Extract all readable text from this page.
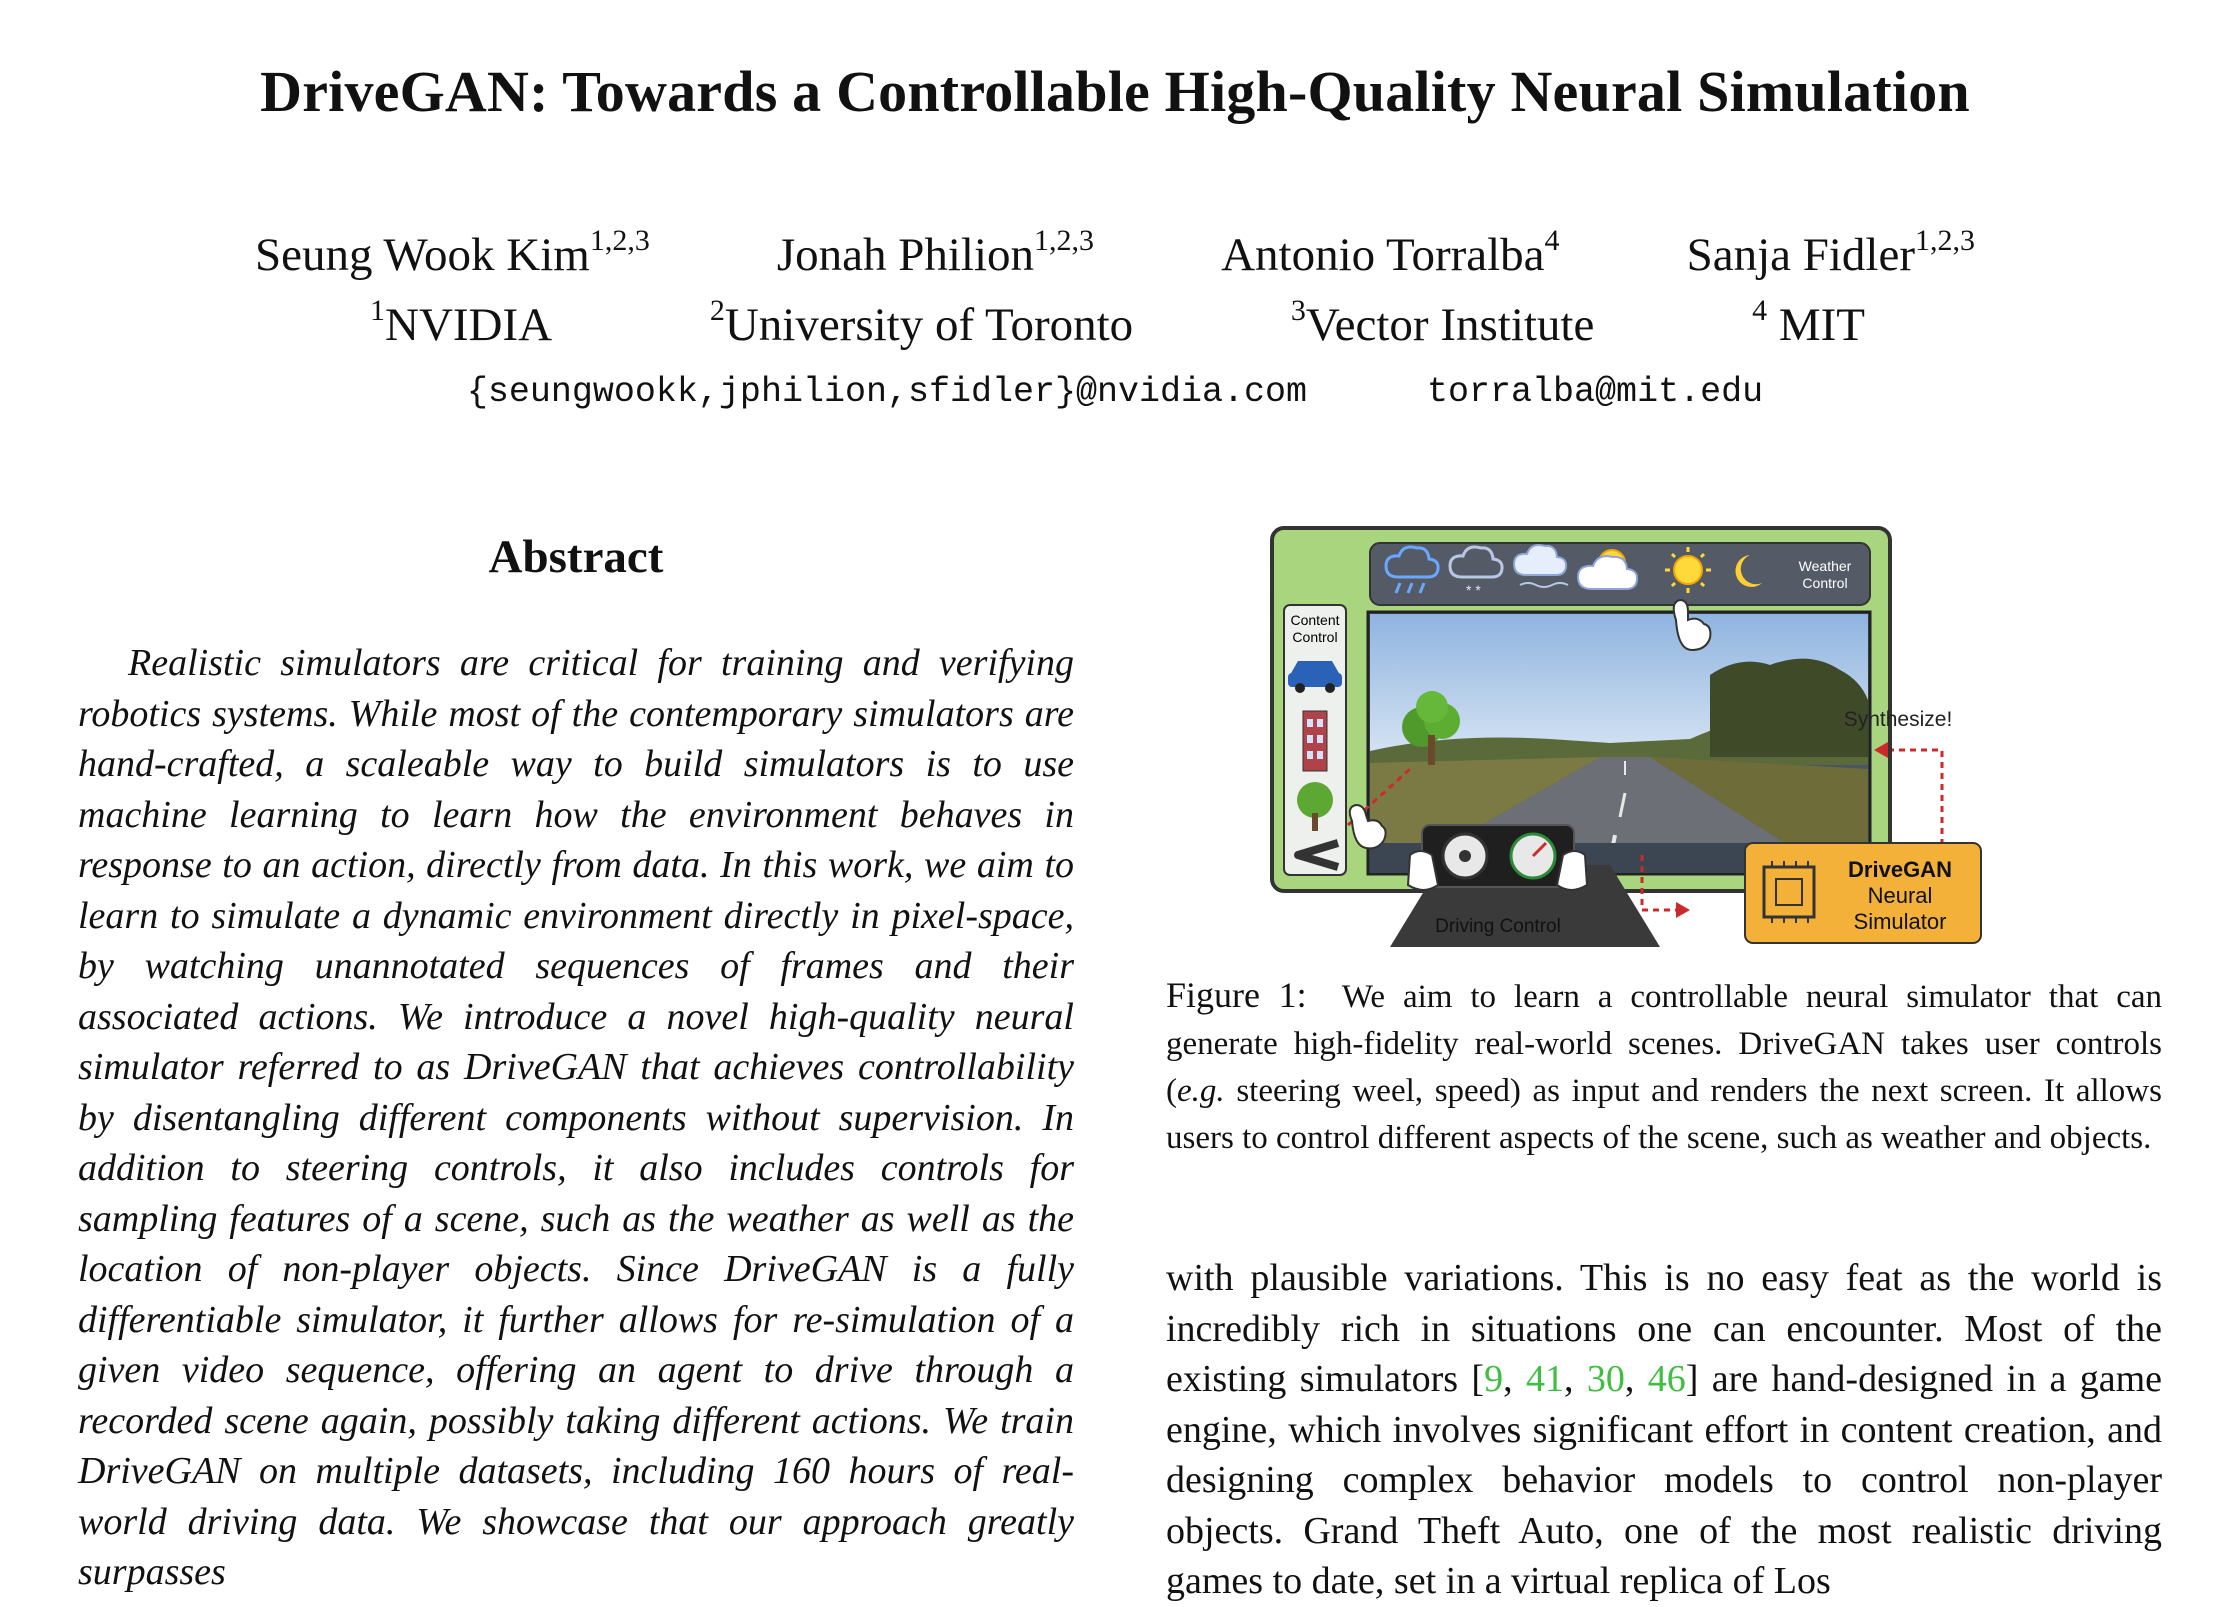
DriveGAN: Towards a Controllable High-Quality Neural Simulation
Seung Wook Kim$^{1,2,3}$	Jonah Philion$^{1,2,3}$	Antonio Torralba$^4$	Sanja Fidler$^{1,2,3}$
$^1$NVIDIA	$^2$University of Toronto	$^3$Vector Institute	$^4$ MIT
{seungwookk,jphilion,sfidler}@nvidia.com	torralba@mit.edu
Abstract

Realistic simulators are critical for training and verifying robotics systems. While most of the contemporary simulators are hand-crafted, a scaleable way to build simulators is to use machine learning to learn how the environment behaves in response to an action, directly from data. In this work, we aim to learn to simulate a dynamic environment directly in pixel-space, by watching unannotated sequences of frames and their associated actions. We introduce a novel high-quality neural simulator referred to as DriveGAN that achieves controllability by disentangling different components without supervision. In addition to steering controls, it also includes controls for sampling features of a scene, such as the weather as well as the location of non-player objects. Since DriveGAN is a fully differentiable simulator, it further allows for re-simulation of a given video sequence, offering an agent to drive through a recorded scene again, possibly taking different actions. We train DriveGAN on multiple datasets, including 160 hours of real-world driving data. We showcase that our approach greatly surpasses

* *
Weather
Control
Content
Control
Synthesize!
Driving Control
DriveGAN
Neural
Simulator

Figure 1: We aim to learn a controllable neural simulator that can generate high-fidelity real-world scenes. DriveGAN takes user controls (e.g. steering weel, speed) as input and renders the next screen. It allows users to control different aspects of the scene, such as weather and objects.

with plausible variations. This is no easy feat as the world is incredibly rich in situations one can encounter. Most of the existing simulators [9, 41, 30, 46] are hand-designed in a game engine, which involves significant effort in content creation, and designing complex behavior models to control non-player objects. Grand Theft Auto, one of the most realistic driving games to date, set in a virtual replica of Los
